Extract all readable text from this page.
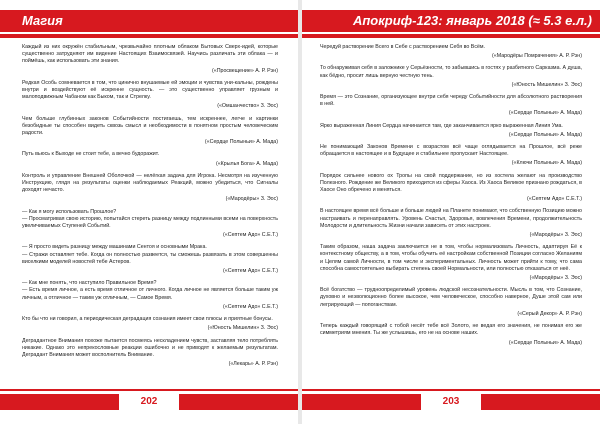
Магия

Каждый из них окружён стабильным, чрезвычайно плотным облаком Бытовых Сверх-идей, которые существенно затрудняют им видение Настоящих Взаимосвязей. Научись различать эти облака — и поймёшь, как использовать эти знания.

(«Просвещение» А. Р. Рэн)

Редкая Особь сомневается в том, что цинично внушаемые ей эмоции и чувства уни-кальны, рождены внутри и воздействуют её искренне сущность. — это существенно управляет грузным и малоподвижным Чабаном как Быком, так и Стрелку.

(«Омшанчество» З. Эос)

Чем больше глубинных законов Событийности постигаешь, тем искреннее, легче и картинки безобидные ты способен видеть сквозь смысл и необходимости в понятном простым человеческим радости.

(«Сердце Полыньи» А. Мада)

Путь вьюсь к Выходе не стоит тебе, а вечно будоражит.

(«Крылья Бога» А. Мада)

Контроль и управление Внешней Оболочкой — нелёгкая задача для Игрока. Несмотря на изученную Инструкцию, глядя на результаты оценки наблюдаемых Реакций, можно убедиться, что Сигналы доходят нечасто.

(«Мародёры» З. Эос)

— Как я могу использовать Прошлое?
— Просматривая свою историю, попытайся стереть разницу между подлинными всеми на поверхность увеличиваемых Ступеней Событий.

(«Септем Адо» С.Е.Т.)

— Я просто видеть разницу между машинами Сентоя и основными Мрака.
— Стражи оставляет тебе. Когда он полностью развеется, ты сможешь развязать в этом совершенны виселкими моделей новостей тебе Астеров.

(«Септем Адо» С.Е.Т.)

— Как мне понять, что наступило Правильное Время?
— Есть время личное, а есть время отличное от личного. Когда личное не является больше таким уж личным, а отличное — таким уж отличным, — Самое Время.

(«Септем Адо» С.Е.Т.)

Кто бы что ни говорил, а периодическая деградация сознания имеет свои плюсы и приятные бонусы.

(«Юность Мишелин» З. Эос)

Деградантное Внимания похоже пытается посмеясь нескладением чувств, заставляя тело потреблять никакие. Однако это непрекословные реакции ошибочно и не приводят к желаемым результатам. Деградант Внимания может восполнитель Внимание.

(«Лекарь» А. Р. Рэн)

202
Апокриф-123: январь 2018 (≈ 5.3 е.л.)

Чередуй растворение Всего в Себе с растворением Себя во Всём.

(«Мародёры Помрачения» А. Р. Рэн)

То обнаруживая себя в заложнике у Серьёзности, то забывшись в гостях у разбитного Сарказма. А душа, как бёдно, просит лишь верную честную тень.

(«Юность Мишелин» З. Эос)

Время — это Сознание, организующее внутри себя череду Событийности для абсолютного растворения в ней.

(«Сердце Полыньи» А. Мада)

Ярко выраженная Линия Сердца начинается там, где заканчивается ярко выраженная Линия Ума.

(«Сердце Полыньи» А. Мада)

Не понимающий Законов Времени с возрастом всё чаще оглядывается на Прошлое, всё реже обращается в настоящее и в Будущее и стабильнее пропускает Настоящее.

(«Ключи Полыньи» А. Мада)

Порядок сильнее нового ох Тропы на свой поддержание, но из хостела желают на производство Полезного. Рождение же Великого приходится из сферы Хаоса. Из Хаоса Великое признано рождаться, в Хаосе Оно обречено и меняться.

(«Септем Адо» С.Е.Т.)

В настоящее время всё больше и больше людей на Планете понимают, что собственную Позицию можно настраивать и перенаправлять. Уровень Счастья, Здоровья, вовлечения Времени, продолжительность Молодости и длительность Жизни начали зависеть от этих настроек.

(«Мародёры» З. Эос)

Таким образом, наша задача заключается не в том, чтобы нормализовать Личность, адаптируя Её к контекстному обществу, а в том, чтобы обучить её настройкам собственной Позиции согласно Желаниям и Целям самой Личности, в том числе и экспериментальных. Личность может прийти к тому, что сама способна самостоятельно выбирать степень своей Нормальности, или полностью отказаться от неё.

(«Мародёры» З. Эос)

Всё богатство — трудноопределимый уровень людской несознательности. Мысль в том, что Сознание, духовно и неэволюционно более высокое, чем человеческое, способно наверное, Душе этой сам или легрирующий — попоганствам.

(«Серый Декор» А. Р. Рэн)

Теперь каждый говорящий с тобой несёт тебе всё Золото, не ведая его значения, не понимая его же симметриям мнения. Ты же услышишь, его не на основе наших.

(«Сердце Полыньи» А. Мада)

203
